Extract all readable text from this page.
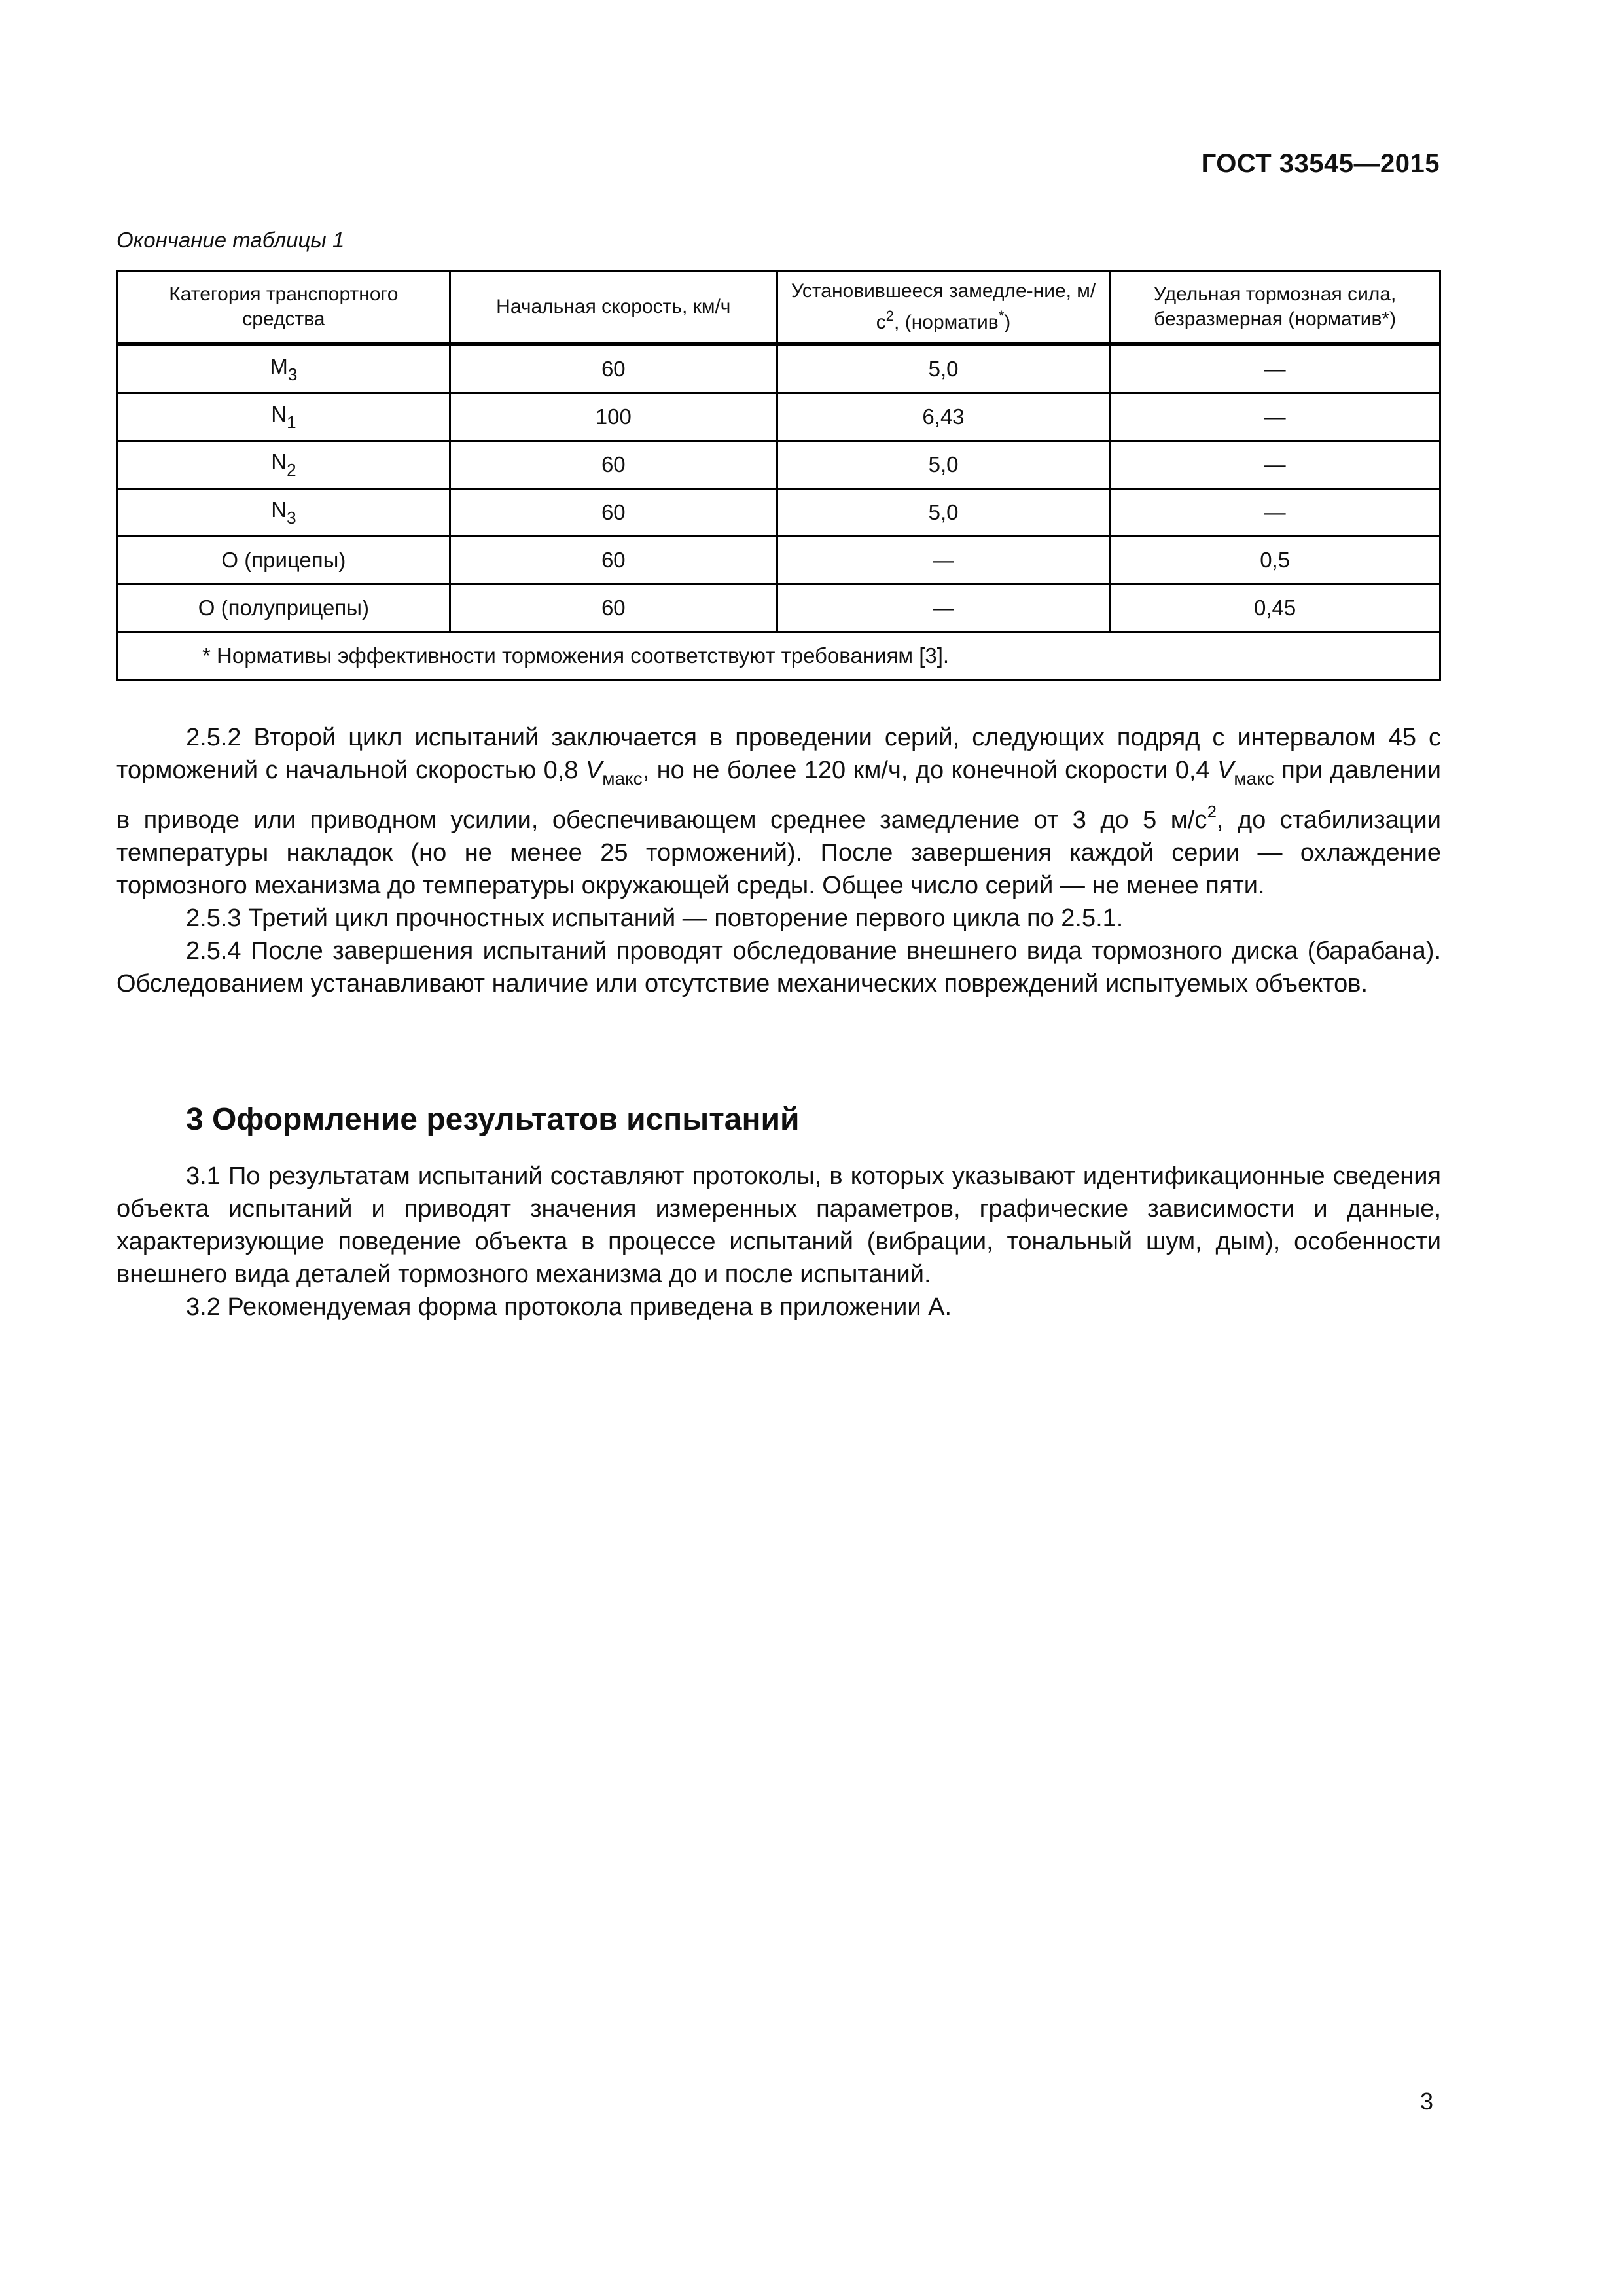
ГОСТ 33545—2015
Окончание таблицы 1
Категория транспортного средства	Начальная скорость, км/ч	Установившееся замедле-ние, $м/с^2$, (норматив*)	Удельная тормозная сила, безразмерная (норматив*)
$M_3$	60	5,0	—
$N_1$	100	6,43	—
$N_2$	60	5,0	—
$N_3$	60	5,0	—
O (прицепы)	60	—	0,5
O (полуприцепы)	60	—	0,45
* Нормативы эффективности торможения соответствуют требованиям [3].			

2.5.2 Второй цикл испытаний заключается в проведении серий, следующих подряд с интервалом 45 с торможений с начальной скоростью 0,8 $V_{макс}$, но не более 120 км/ч, до конечной скорости 0,4 $V_{макс}$ при давлении в приводе или приводном усилии, обеспечивающем среднее замедление от 3 до 5 $м/с^2$, до стабилизации температуры накладок (но не менее 25 торможений). После завершения каждой серии — охлаждение тормозного механизма до температуры окружающей среды. Общее число серий — не менее пяти.

2.5.3 Третий цикл прочностных испытаний — повторение первого цикла по 2.5.1.

2.5.4 После завершения испытаний проводят обследование внешнего вида тормозного диска (барабана). Обследованием устанавливают наличие или отсутствие механических повреждений испытуемых объектов.

3 Оформление результатов испытаний

3.1 По результатам испытаний составляют протоколы, в которых указывают идентификационные сведения объекта испытаний и приводят значения измеренных параметров, графические зависимости и данные, характеризующие поведение объекта в процессе испытаний (вибрации, тональный шум, дым), особенности внешнего вида деталей тормозного механизма до и после испытаний.

3.2 Рекомендуемая форма протокола приведена в приложении А.

3
